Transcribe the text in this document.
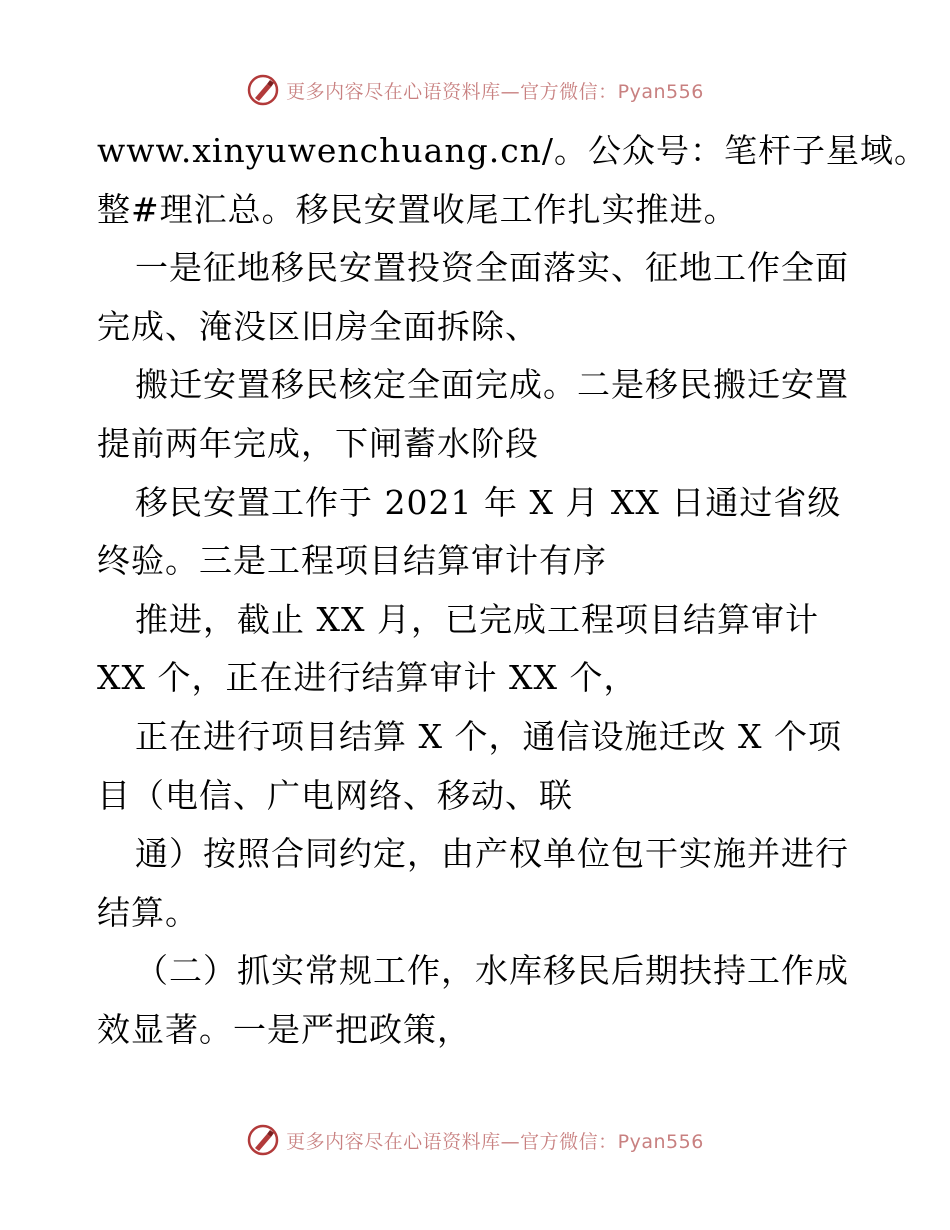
更多内容尽在心语资料库—官方微信：Pyan556
www.xinyuwenchuang.cn/。公众号：笔杆子星域。
整#理汇总。移民安置收尾工作扎实推进。
一是征地移民安置投资全面落实、征地工作全面
完成、淹没区旧房全面拆除、
搬迁安置移民核定全面完成。二是移民搬迁安置
提前两年完成，下闸蓄水阶段
移民安置工作于 2021 年 X 月 XX 日通过省级
终验。三是工程项目结算审计有序
推进，截止 XX 月，已完成工程项目结算审计
XX 个，正在进行结算审计 XX 个，
正在进行项目结算 X 个，通信设施迁改 X 个项
目（电信、广电网络、移动、联
通）按照合同约定，由产权单位包干实施并进行
结算。
（二）抓实常规工作，水库移民后期扶持工作成
效显著。一是严把政策，
更多内容尽在心语资料库—官方微信：Pyan556
